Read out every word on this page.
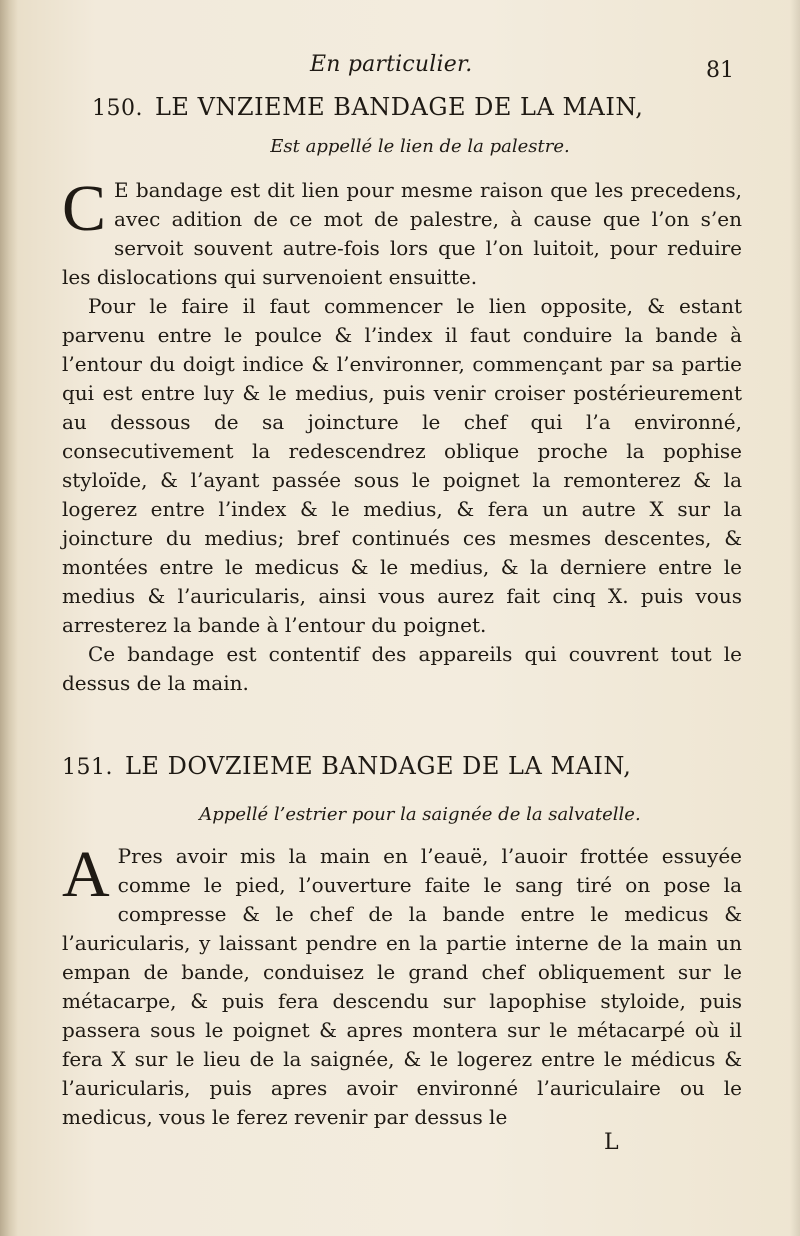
En particulier.	81
150. LE VNZIEME BANDAGE DE LA MAIN,
Est appellé le lien de la palestre.

C E bandage est dit lien pour mesme raison que les precedens, avec adition de ce mot de palestre, à cause que l’on s’en servoit souvent autre-fois lors que l’on luitoit, pour reduire les dislocations qui survenoient ensuitte.

Pour le faire il faut commencer le lien opposite, & estant parvenu entre le poulce & l’index il faut conduire la bande à l’entour du doigt indice & l’environner, commençant par sa partie qui est entre luy & le medius, puis venir croiser postérieurement au dessous de sa joincture le chef qui l’a environné, consecutivement la redescendrez oblique proche la pophise styloïde, & l’ayant passée sous le poignet la remonterez & la logerez entre l’index & le medius, & fera un autre X sur la joincture du medius; bref continués ces mesmes descentes, & montées entre le medicus & le medius, & la derniere entre le medius & l’auricularis, ainsi vous aurez fait cinq X. puis vous arresterez la bande à l’entour du poignet.

Ce bandage est contentif des appareils qui couvrent tout le dessus de la main.

151. LE DOVZIEME BANDAGE DE LA MAIN,
Appellé l’estrier pour la saignée de la salvatelle.

A Pres avoir mis la main en l’eauë, l’auoir frottée essuyée comme le pied, l’ouverture faite le sang tiré on pose la compresse & le chef de la bande entre le medicus & l’auricularis, y laissant pendre en la partie interne de la main un empan de bande, conduisez le grand chef obliquement sur le métacarpe, & puis fera descendu sur lapophise styloide, puis passera sous le poignet & apres montera sur le métacarpé où il fera X sur le lieu de la saignée, & le logerez entre le médicus & l’auricularis, puis apres avoir environné l’auriculaire ou le medicus, vous le ferez revenir par dessus le

L
